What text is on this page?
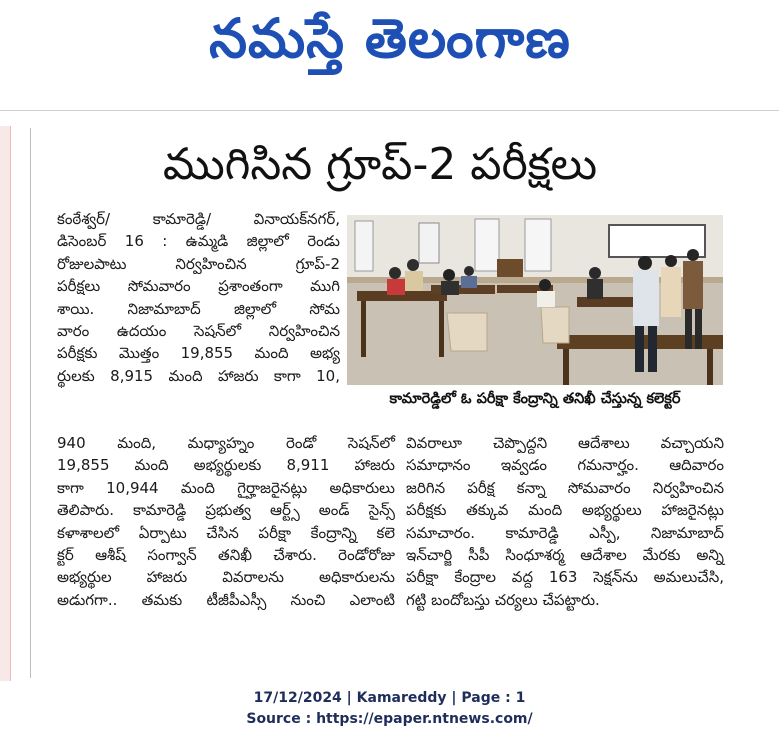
నమస్తే తెలంగాణ
ముగిసిన గ్రూప్‌-2 పరీక్షలు
కంఠేశ్వర్‌/ కామారెడ్డి/ వినాయక్‌నగర్‌,
డిసెంబర్‌ 16 : ఉమ్మడి జిల్లాలో రెండు
రోజులపాటు నిర్వహించిన గ్రూప్‌-2
పరీక్షలు సోమవారం ప్రశాంతంగా ముగి
శాయి. నిజామాబాద్‌ జిల్లాలో సోమ
వారం ఉదయం సెషన్‌లో నిర్వహించిన
పరీక్షకు మొత్తం 19,855 మంది అభ్య
ర్థులకు 8,915 మంది హాజరు కాగా 10,
కామారెడ్డిలో ఓ పరీక్షా కేంద్రాన్ని తనిఖీ చేస్తున్న కలెక్టర్‌
940 మంది, మధ్యాహ్నం రెండో సెషన్‌లో
19,855 మంది అభ్యర్థులకు 8,911 హాజరు
కాగా 10,944 మంది గైర్హాజరైనట్లు అధికారులు
తెలిపారు. కామారెడ్డి ప్రభుత్వ ఆర్ట్స్‌ అండ్‌ సైన్స్‌
కళాశాలలో ఏర్పాటు చేసిన పరీక్షా కేంద్రాన్ని కలె
క్టర్‌ ఆశీష్‌ సంగ్వాన్‌ తనిఖీ చేశారు. రెండోరోజు
అభ్యర్థుల హాజరు వివరాలను అధికారులను
అడుగగా.. తమకు టీజీపీఎస్సీ నుంచి ఎలాంటి
వివరాలూ చెప్పొద్దని ఆదేశాలు వచ్చాయని
సమాధానం ఇవ్వడం గమనార్హం. ఆదివారం
జరిగిన పరీక్ష కన్నా సోమవారం నిర్వహించిన
పరీక్షకు తక్కువ మంది అభ్యర్థులు హాజరైనట్లు
సమాచారం. కామారెడ్డి ఎస్పీ, నిజామాబాద్‌
ఇన్‌చార్జి సీపీ సింధూశర్మ ఆదేశాల మేరకు అన్ని
పరీక్షా కేంద్రాల వద్ద 163 సెక్షన్‌ను అమలుచేసి,
గట్టి బందోబస్తు చర్యలు చేపట్టారు.
17/12/2024 | Kamareddy | Page : 1
Source : https://epaper.ntnews.com/
